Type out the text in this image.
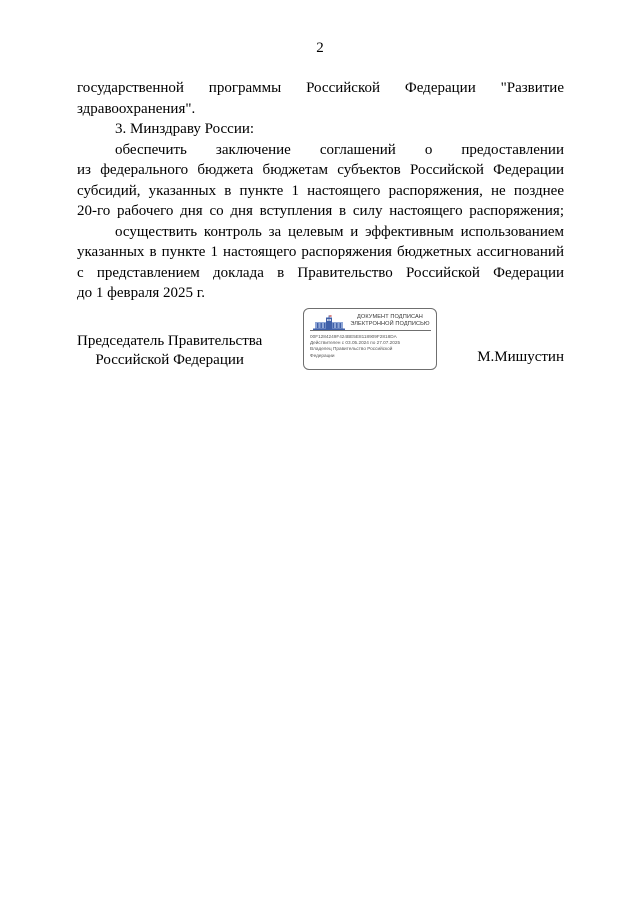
2
государственной программы Российской Федерации "Развитие
здравоохранения".
3. Минздраву России:
обеспечить заключение соглашений о предоставлении
из федерального бюджета бюджетам субъектов Российской Федерации
субсидий, указанных в пункте 1 настоящего распоряжения, не позднее
20-го рабочего дня со дня вступления в силу настоящего распоряжения;
осуществить контроль за целевым и эффективным использованием
указанных в пункте 1 настоящего распоряжения бюджетных ассигнований
с представлением доклада в Правительство Российской Федерации
до 1 февраля 2025 г.
Председатель Правительства
Российской Федерации
ДОКУМЕНТ ПОДПИСАН
ЭЛЕКТРОННОЙ ПОДПИСЬЮ
00F1284249F424BE5E8118909F2818DA
Действителен с 03.05.2024 по 27.07.2025
Владелец Правительство Российской
Федерации	М.Мишустин
